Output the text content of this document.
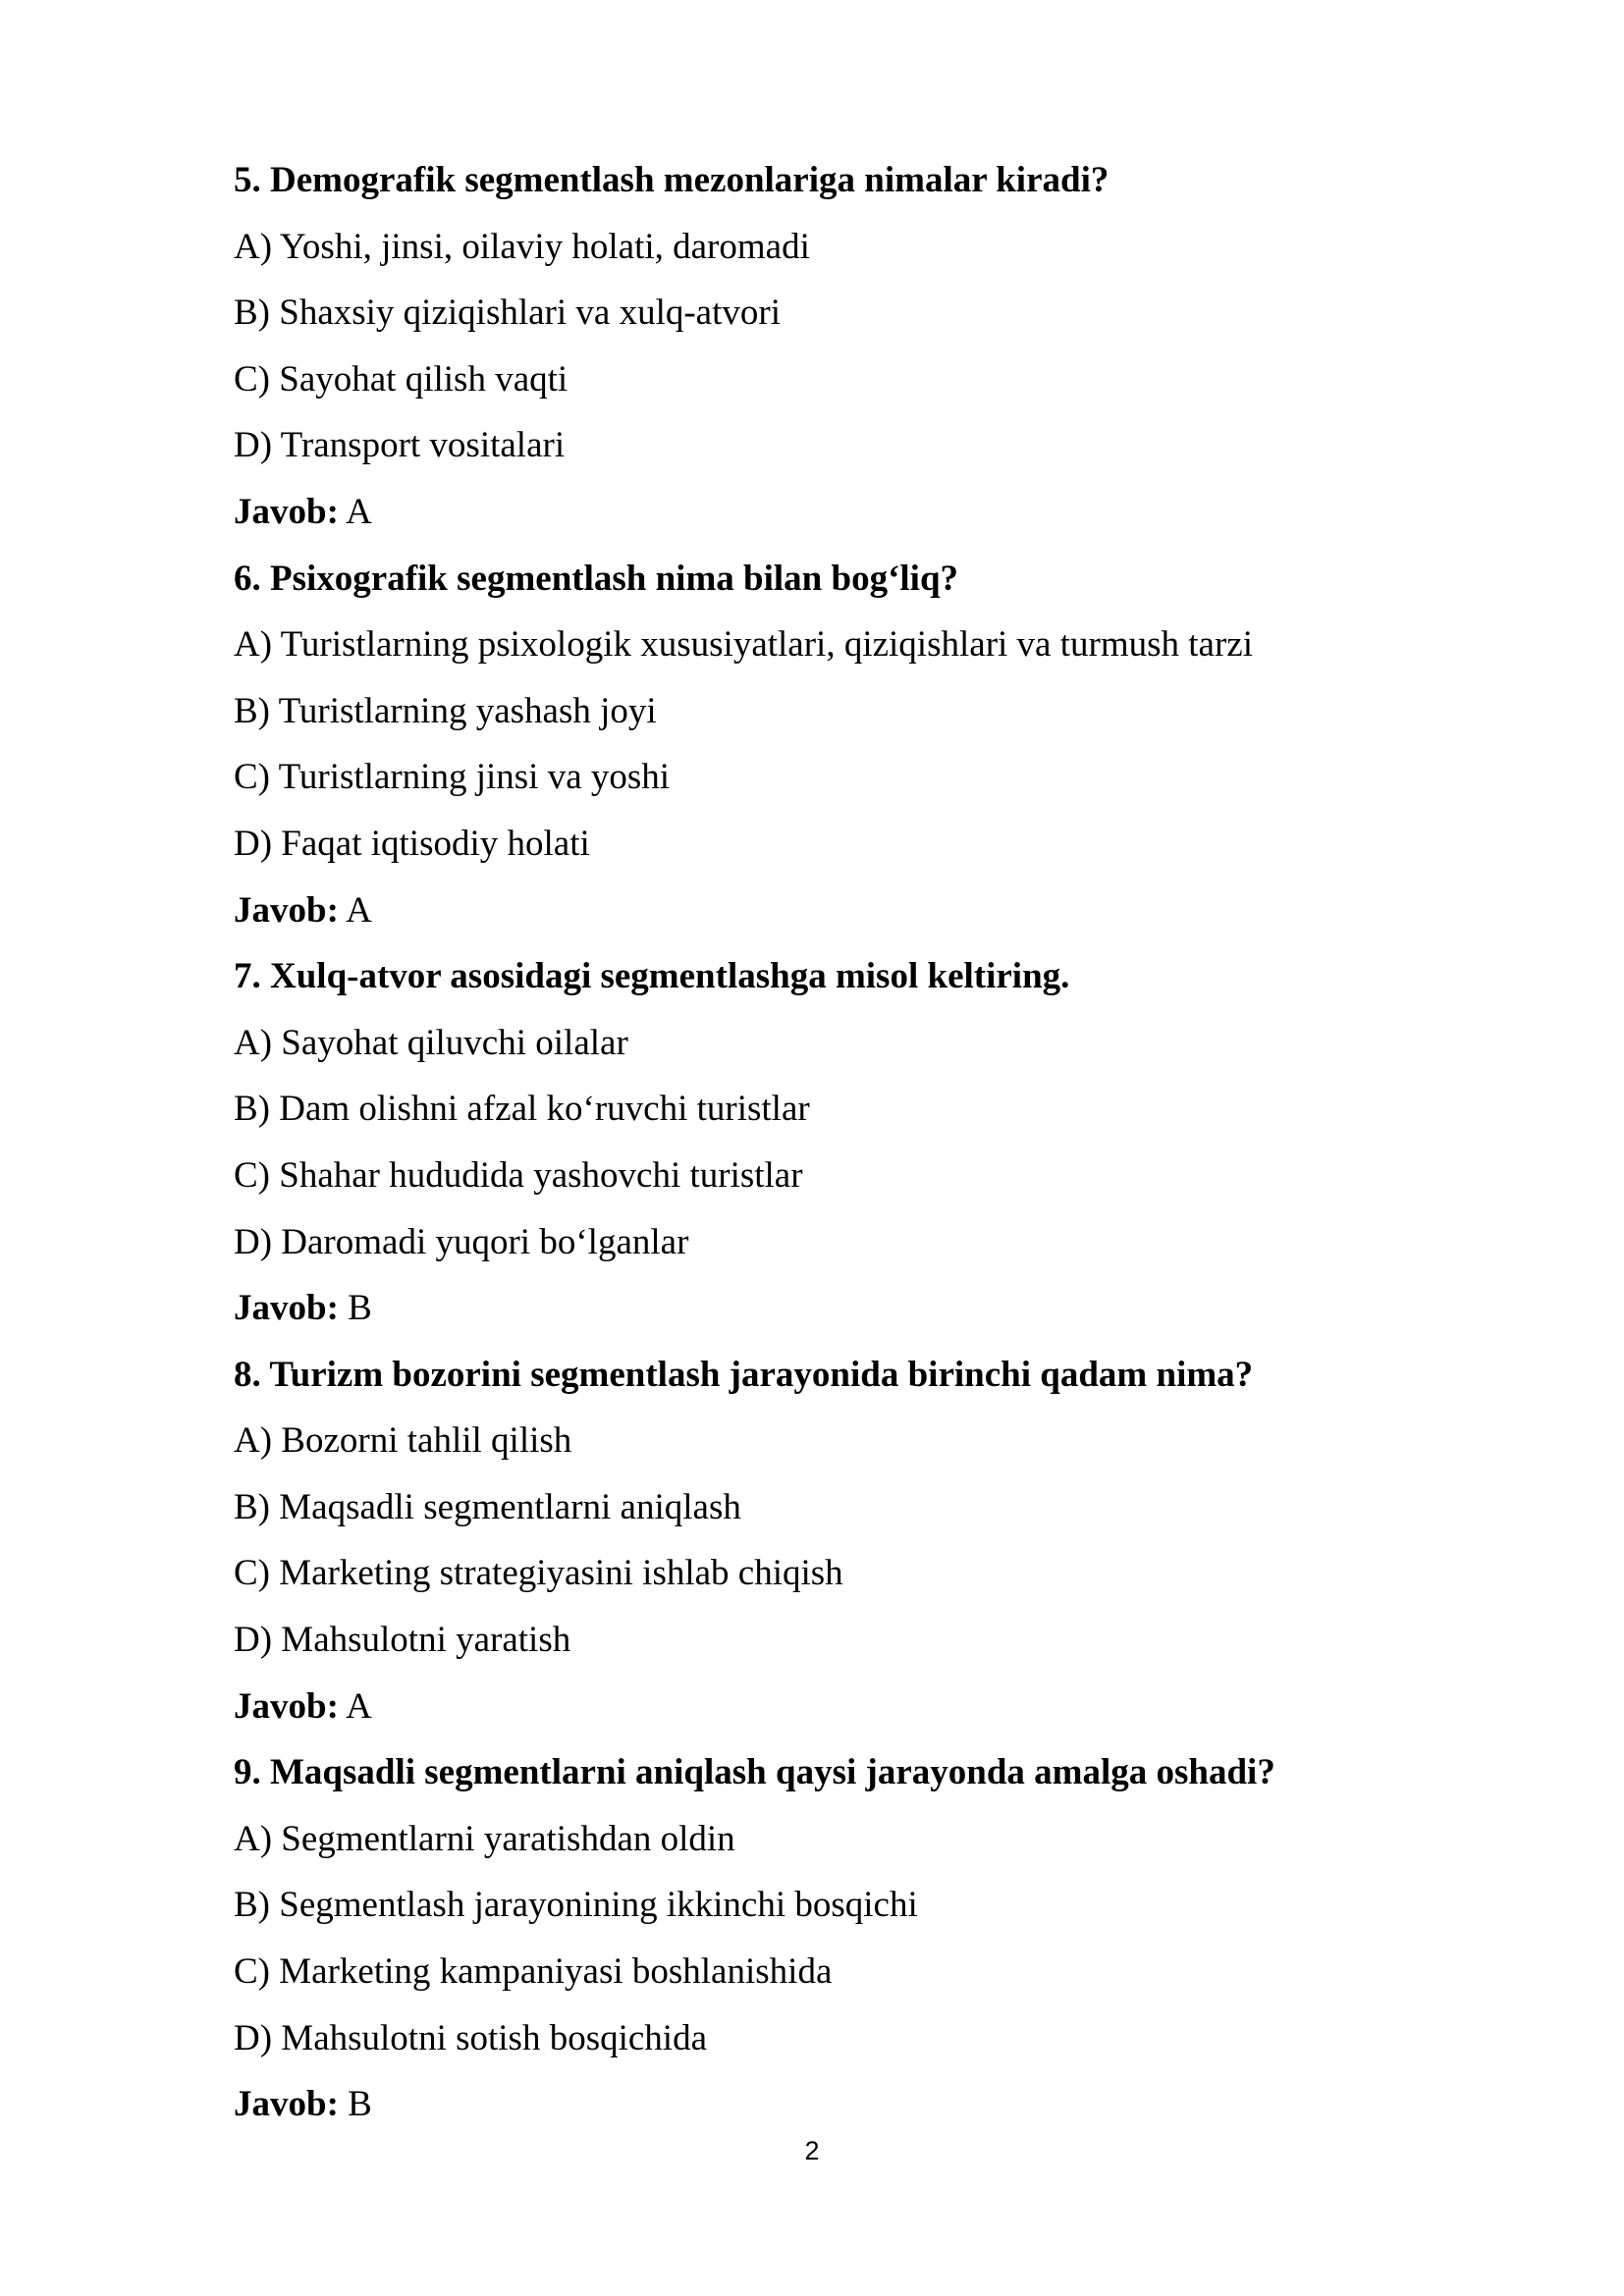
5. Demografik segmentlash mezonlariga nimalar kiradi?
A) Yoshi, jinsi, oilaviy holati, daromadi
B) Shaxsiy qiziqishlari va xulq-atvori
C) Sayohat qilish vaqti
D) Transport vositalari
Javob: A
6. Psixografik segmentlash nima bilan bog‘liq?
A) Turistlarning psixologik xususiyatlari, qiziqishlari va turmush tarzi
B) Turistlarning yashash joyi
C) Turistlarning jinsi va yoshi
D) Faqat iqtisodiy holati
Javob: A
7. Xulq-atvor asosidagi segmentlashga misol keltiring.
A) Sayohat qiluvchi oilalar
B) Dam olishni afzal ko‘ruvchi turistlar
C) Shahar hududida yashovchi turistlar
D) Daromadi yuqori bo‘lganlar
Javob: B
8. Turizm bozorini segmentlash jarayonida birinchi qadam nima?
A) Bozorni tahlil qilish
B) Maqsadli segmentlarni aniqlash
C) Marketing strategiyasini ishlab chiqish
D) Mahsulotni yaratish
Javob: A
9. Maqsadli segmentlarni aniqlash qaysi jarayonda amalga oshadi?
A) Segmentlarni yaratishdan oldin
B) Segmentlash jarayonining ikkinchi bosqichi
C) Marketing kampaniyasi boshlanishida
D) Mahsulotni sotish bosqichida
Javob: B
2
